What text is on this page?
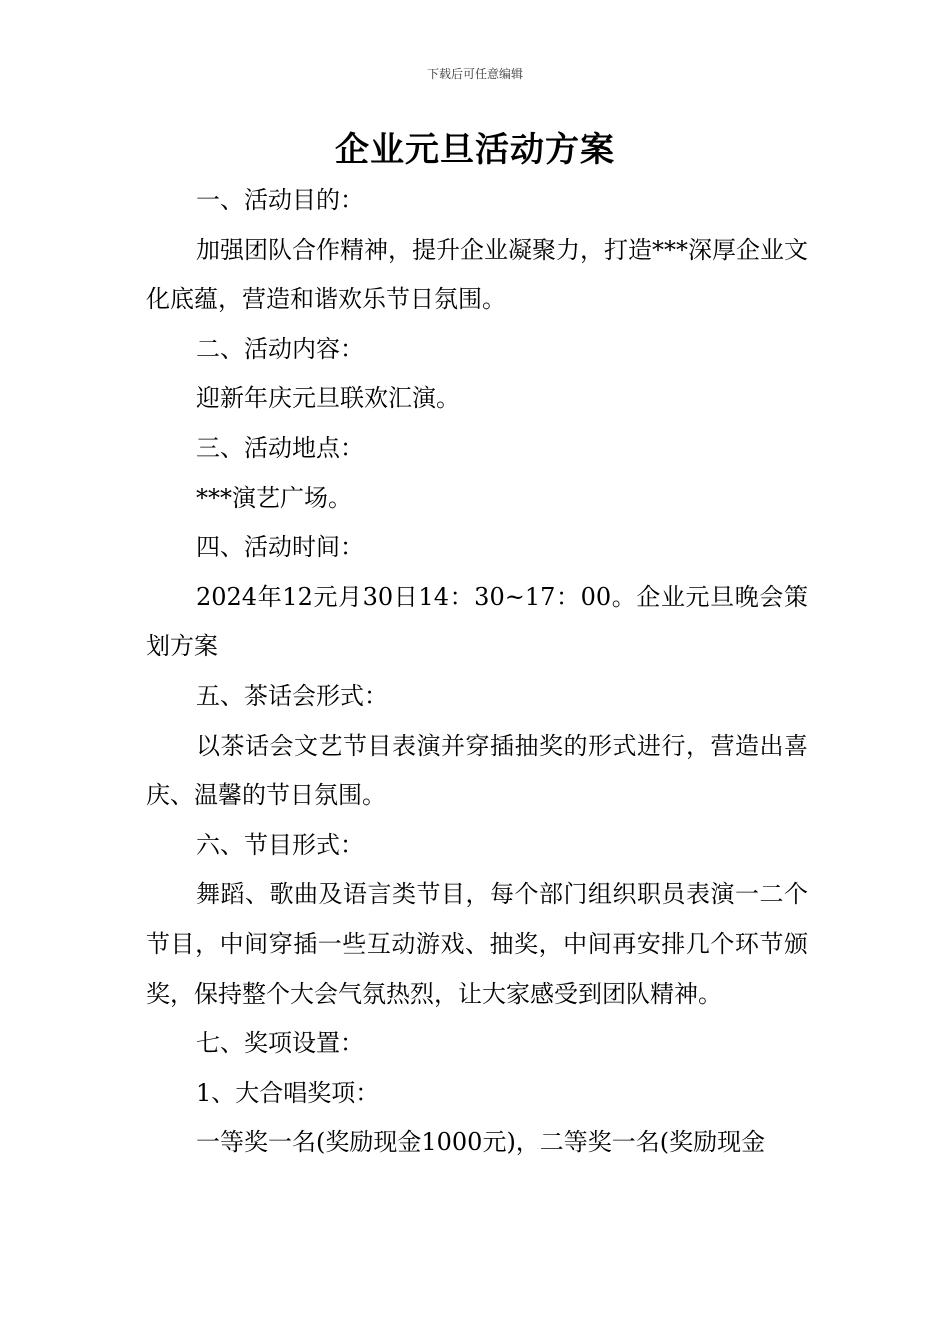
下载后可任意编辑
企业元旦活动方案

一、活动目的：

加强团队合作精神，提升企业凝聚力，打造***深厚企业文化底蕴，营造和谐欢乐节日氛围。

二、活动内容：

迎新年庆元旦联欢汇演。

三、活动地点：

***演艺广场。

四、活动时间：

2024年12元月30日14：30~17：00。企业元旦晚会策划方案

五、茶话会形式：

以茶话会文艺节目表演并穿插抽奖的形式进行，营造出喜庆、温馨的节日氛围。

六、节目形式：

舞蹈、歌曲及语言类节目，每个部门组织职员表演一二个节目，中间穿插一些互动游戏、抽奖，中间再安排几个环节颁奖，保持整个大会气氛热烈，让大家感受到团队精神。

七、奖项设置：

1、大合唱奖项：

一等奖一名(奖励现金1000元)，二等奖一名(奖励现金
